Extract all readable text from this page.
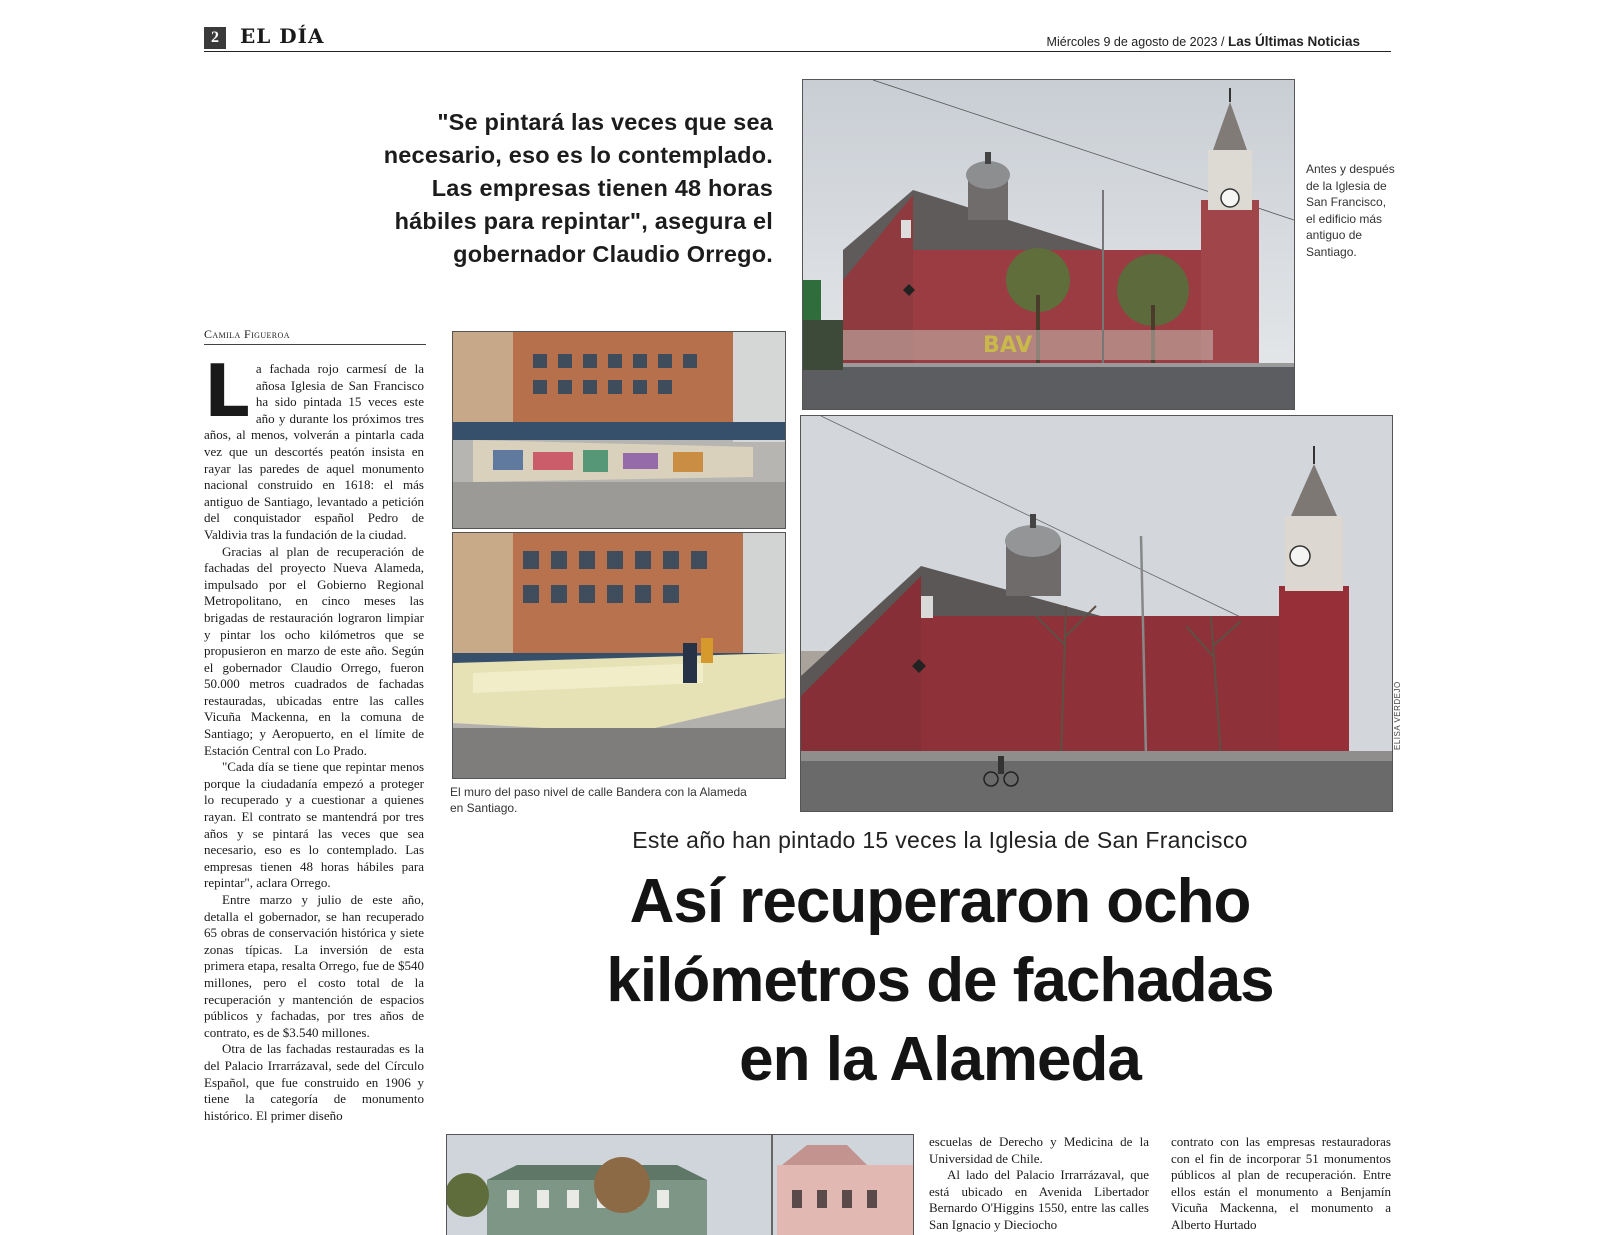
2	EL DÍA	Miércoles 9 de agosto de 2023 / Las Últimas Noticias
"Se pintará las veces que sea necesario, eso es lo contemplado. Las empresas tienen 48 horas hábiles para repintar", asegura el gobernador Claudio Orrego.
BAV
Antes y después de la Iglesia de San Francisco, el edificio más antiguo de Santiago.
ELISA VERDEJO
El muro del paso nivel de calle Bandera con la Alameda en Santiago.
Camila Figueroa

La fachada rojo carmesí de la añosa Iglesia de San Francisco ha sido pintada 15 veces este año y durante los próximos tres años, al menos, volverán a pintarla cada vez que un descortés peatón insista en rayar las paredes de aquel monumento nacional construido en 1618: el más antiguo de Santiago, levantado a petición del conquistador español Pedro de Valdivia tras la fundación de la ciudad.

Gracias al plan de recuperación de fachadas del proyecto Nueva Alameda, impulsado por el Gobierno Regional Metropolitano, en cinco meses las brigadas de restauración lograron limpiar y pintar los ocho kilómetros que se propusieron en marzo de este año. Según el gobernador Claudio Orrego, fueron 50.000 metros cuadrados de fachadas restauradas, ubicadas entre las calles Vicuña Mackenna, en la comuna de Santiago; y Aeropuerto, en el límite de Estación Central con Lo Prado.

"Cada día se tiene que repintar menos porque la ciudadanía empezó a proteger lo recuperado y a cuestionar a quienes rayan. El contrato se mantendrá por tres años y se pintará las veces que sea necesario, eso es lo contemplado. Las empresas tienen 48 horas hábiles para repintar", aclara Orrego.

Entre marzo y julio de este año, detalla el gobernador, se han recuperado 65 obras de conservación histórica y siete zonas típicas. La inversión de esta primera etapa, resalta Orrego, fue de $540 millones, pero el costo total de la recuperación y mantención de espacios públicos y fachadas, por tres años de contrato, es de $3.540 millones.

Otra de las fachadas restauradas es la del Palacio Irrarrázaval, sede del Círculo Español, que fue construido en 1906 y tiene la categoría de monumento histórico. El primer diseño

Este año han pintado 15 veces la Iglesia de San Francisco
Así recuperaron ocho
kilómetros de fachadas
en la Alameda

escuelas de Derecho y Medicina de la Universidad de Chile.

Al lado del Palacio Irrarrázaval, que está ubicado en Avenida Libertador Bernardo O'Higgins 1550, entre las calles San Ignacio y Dieciocho

contrato con las empresas restauradoras con el fin de incorporar 51 monumentos públicos al plan de recuperación. Entre ellos están el monumento a Benjamín Vicuña Mackenna, el monumento a Alberto Hurtado
